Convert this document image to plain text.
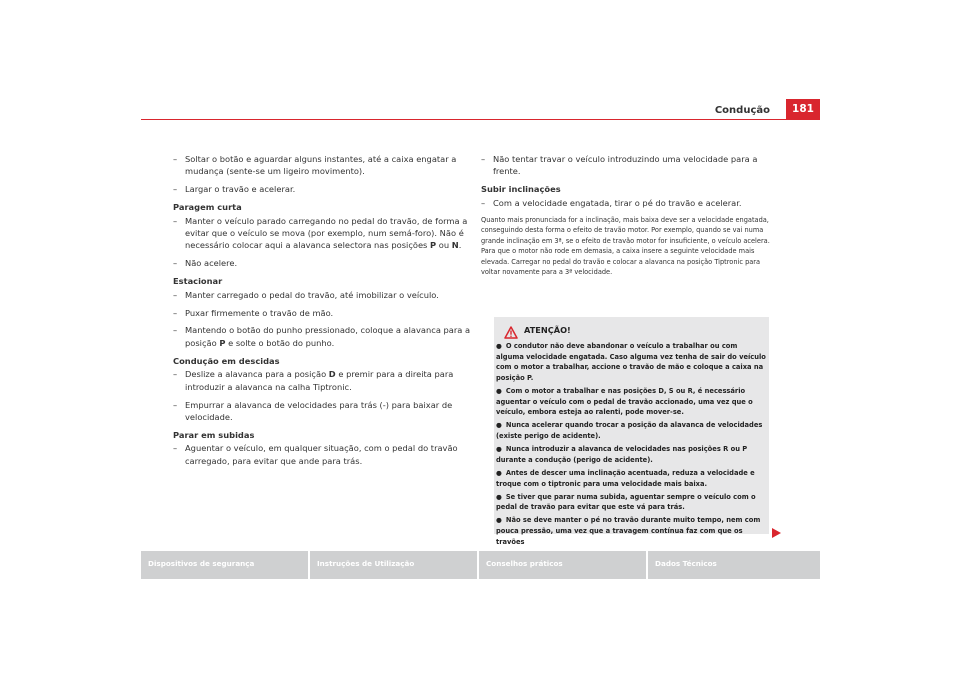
Condução	181
– Soltar o botão e aguardar alguns instantes, até a caixa engatar a mudança (sente-se um ligeiro movimento).
– Largar o travão e acelerar.
Paragem curta
– Manter o veículo parado carregando no pedal do travão, de forma a evitar que o veículo se mova (por exemplo, num semá-foro). Não é necessário colocar aqui a alavanca selectora nas posições P ou N.
– Não acelere.
Estacionar
– Manter carregado o pedal do travão, até imobilizar o veículo.
– Puxar firmemente o travão de mão.
– Mantendo o botão do punho pressionado, coloque a alavanca para a posição P e solte o botão do punho.
Condução em descidas
– Deslize a alavanca para a posição D e premir para a direita para introduzir a alavanca na calha Tiptronic.
– Empurrar a alavanca de velocidades para trás (-) para baixar de velocidade.
Parar em subidas
– Aguentar o veículo, em qualquer situação, com o pedal do travão carregado, para evitar que ande para trás.
– Não tentar travar o veículo introduzindo uma velocidade para a frente.
Subir inclinações
– Com a velocidade engatada, tirar o pé do travão e acelerar.
Quanto mais pronunciada for a inclinação, mais baixa deve ser a velocidade engatada, conseguindo desta forma o efeito de travão motor. Por exemplo, quando se vai numa grande inclinação em 3ª, se o efeito de travão motor for insuficiente, o veículo acelera. Para que o motor não rode em demasia, a caixa insere a seguinte velocidade mais elevada. Carregar no pedal do travão e colocar a alavanca na posição Tiptronic para voltar novamente para a 3ª velocidade.
ATENÇÃO!
● O condutor não deve abandonar o veículo a trabalhar ou com alguma velocidade engatada. Caso alguma vez tenha de sair do veículo com o motor a trabalhar, accione o travão de mão e coloque a caixa na posição P.
● Com o motor a trabalhar e nas posições D, S ou R, é necessário aguentar o veículo com o pedal de travão accionado, uma vez que o veículo, embora esteja ao ralenti, pode mover-se.
● Nunca acelerar quando trocar a posição da alavanca de velocidades (existe perigo de acidente).
● Nunca introduzir a alavanca de velocidades nas posições R ou P durante a condução (perigo de acidente).
● Antes de descer uma inclinação acentuada, reduza a velocidade e troque com o tiptronic para uma velocidade mais baixa.
● Se tiver que parar numa subida, aguentar sempre o veículo com o pedal de travão para evitar que este vá para trás.
● Não se deve manter o pé no travão durante muito tempo, nem com pouca pressão, uma vez que a travagem contínua faz com que os travões
Dispositivos de segurança	Instruções de Utilização	Conselhos práticos	Dados Técnicos
